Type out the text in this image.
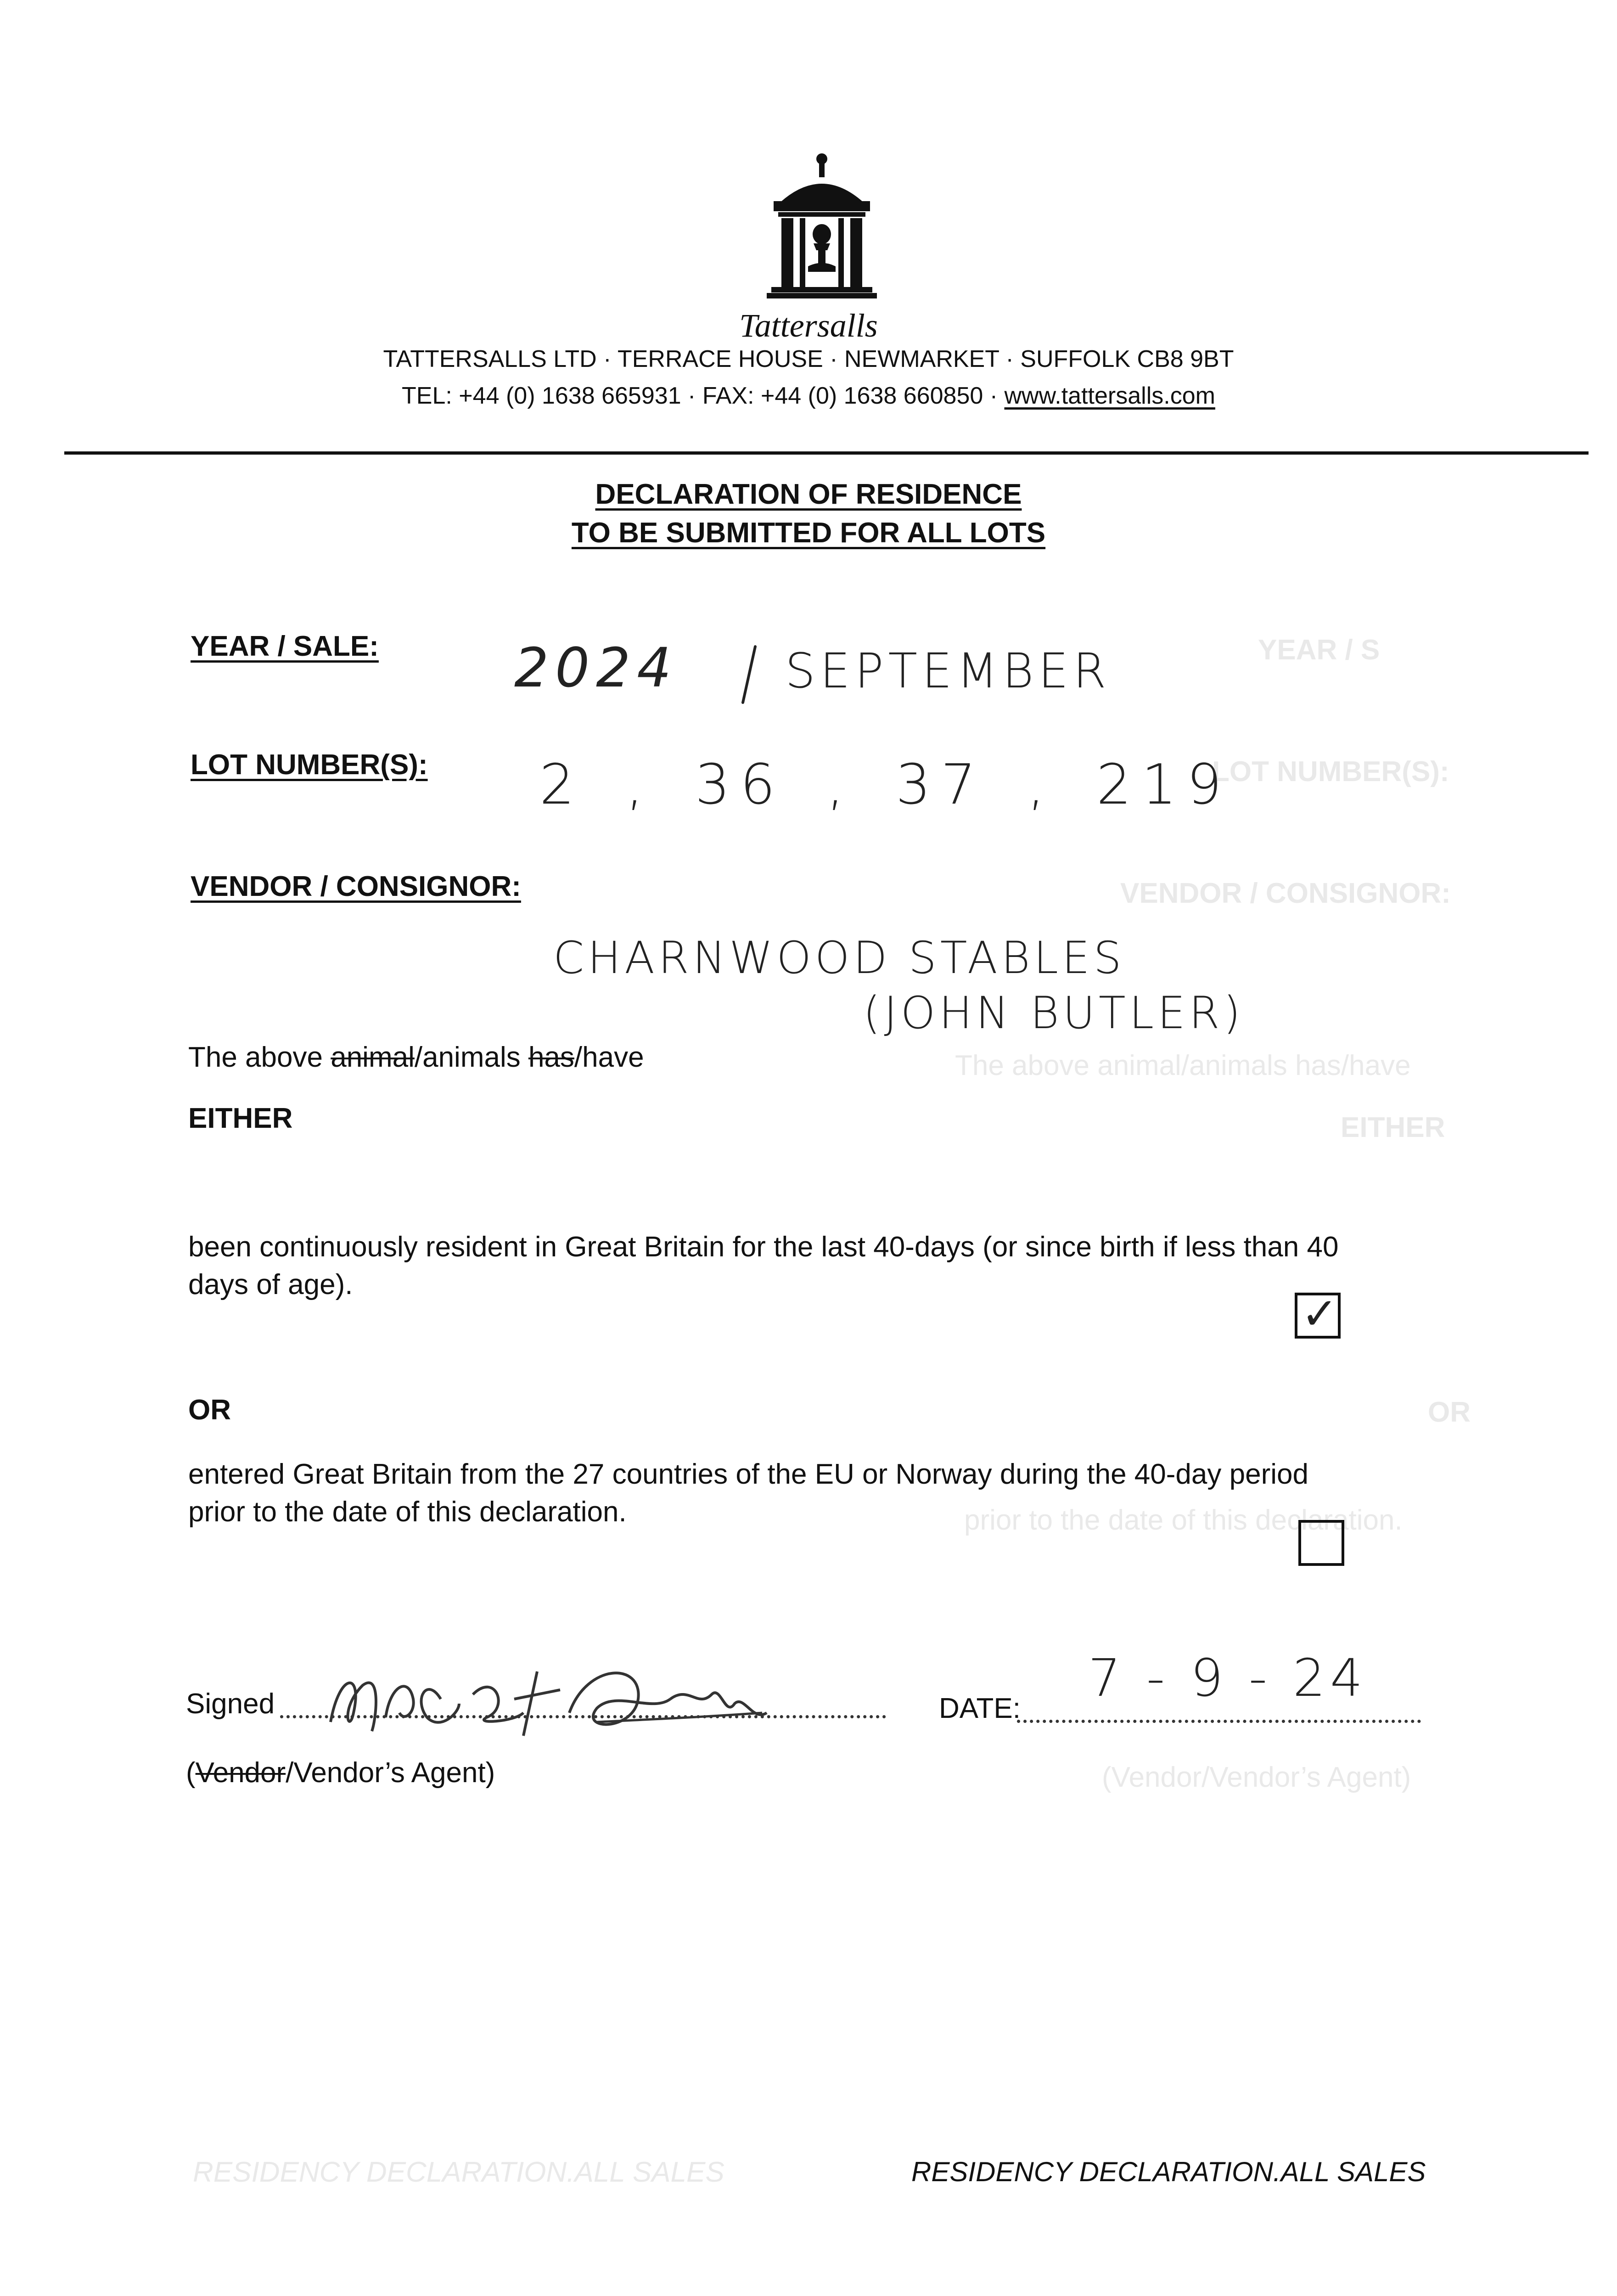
YEAR / S
LOT NUMBER(S):
VENDOR / CONSIGNOR:
The above animal/animals has/have
EITHER
OR
prior to the date of this declaration.
(Vendor/Vendor’s Agent)
RESIDENCY DECLARATION.ALL SALES
Tattersalls
TATTERSALLS LTD · TERRACE HOUSE · NEWMARKET · SUFFOLK CB8 9BT
TEL: +44 (0) 1638 665931 · FAX: +44 (0) 1638 660850 · www.tattersalls.com
DECLARATION OF RESIDENCE
TO BE SUBMITTED FOR ALL LOTS
YEAR / SALE:	2024 SEPTEMBER
LOT NUMBER(S): 2 , 36 , 37 , 219
VENDOR / CONSIGNOR:
CHARNWOOD STABLES
(JOHN BUTLER)
The above animal/animals has/have
EITHER
been continuously resident in Great Britain for the last 40-days (or since birth if less than 40
days of age).
✓
OR
entered Great Britain from the 27 countries of the EU or Norway during the 40-day period
prior to the date of this declaration.
Signed	DATE:
7 - 9 - 24
(Vendor/Vendor’s Agent)
RESIDENCY DECLARATION.ALL SALES
